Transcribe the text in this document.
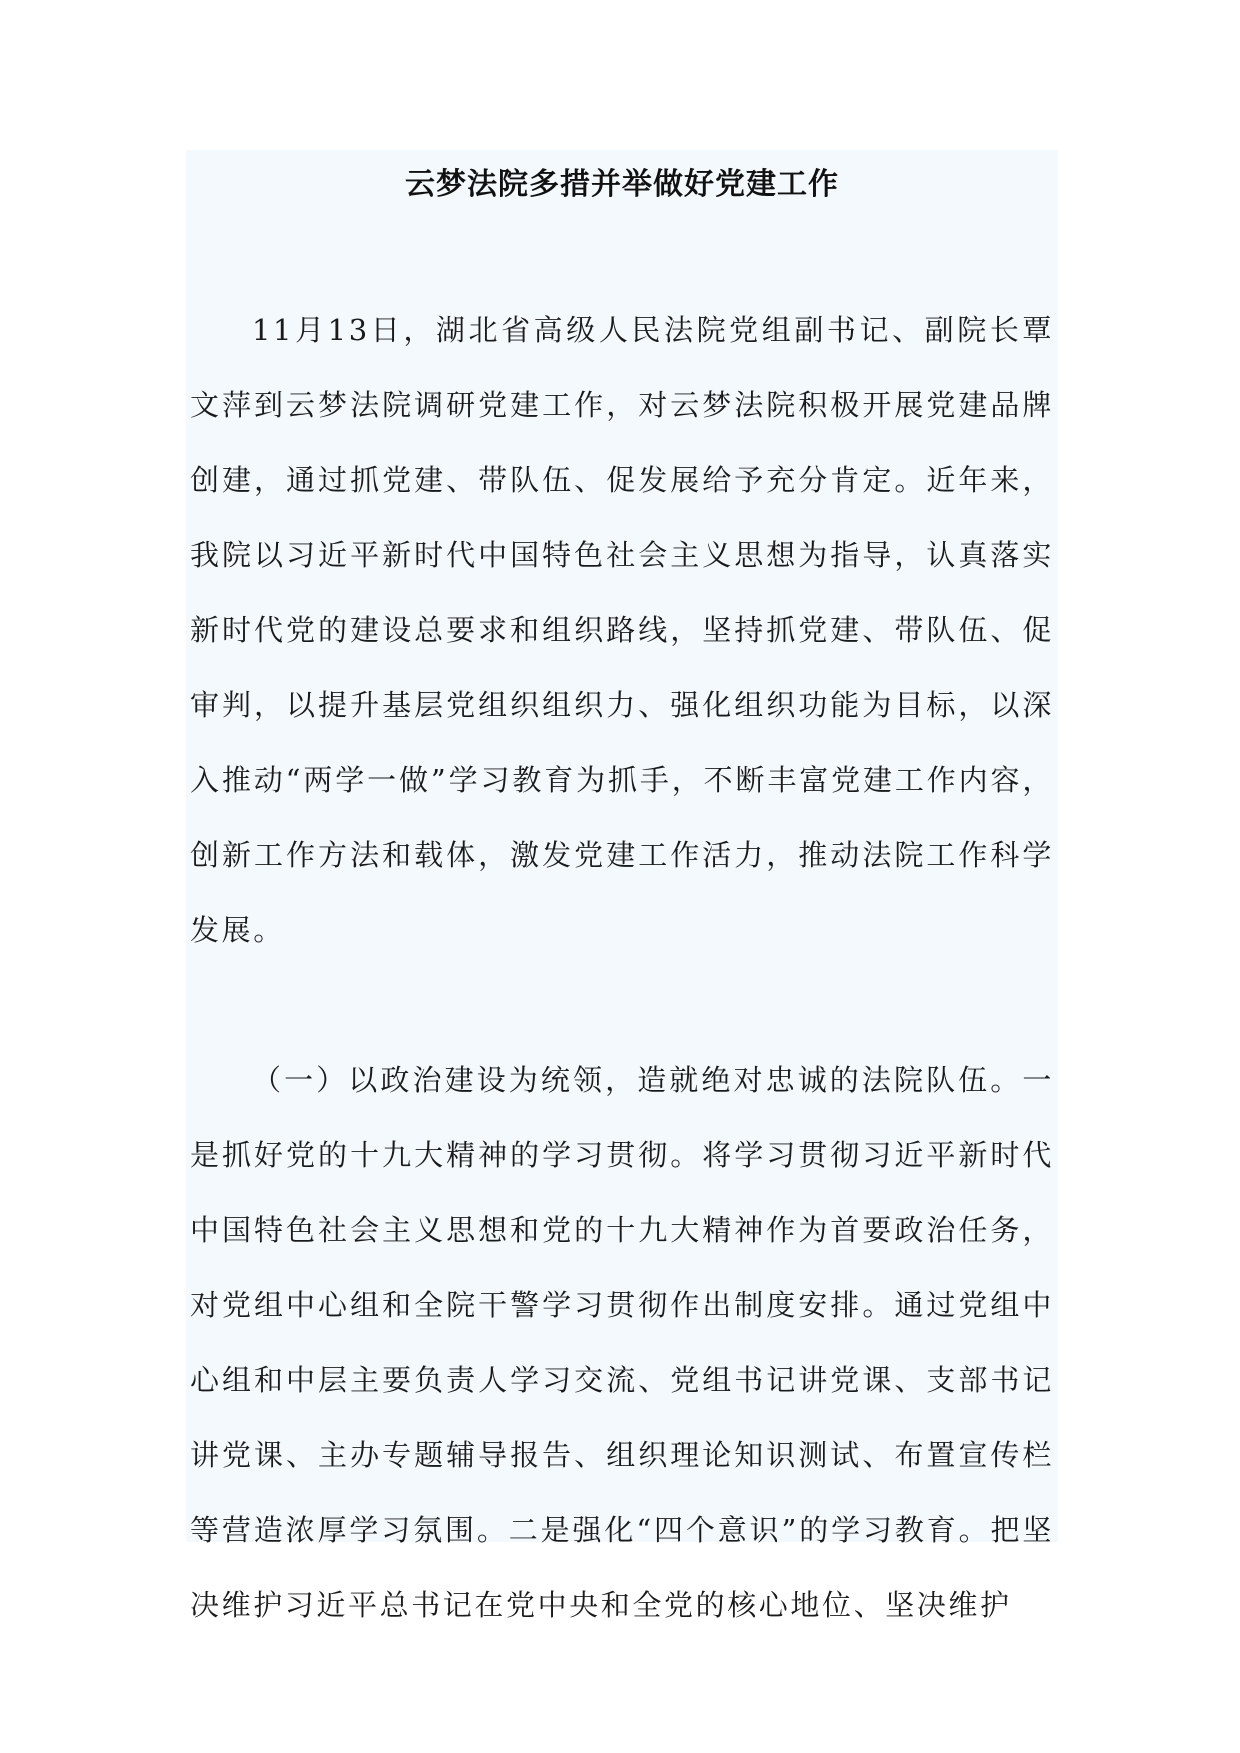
云梦法院多措并举做好党建工作

11月13日，湖北省高级人民法院党组副书记、副院长覃文萍到云梦法院调研党建工作，对云梦法院积极开展党建品牌创建，通过抓党建、带队伍、促发展给予充分肯定。近年来，我院以习近平新时代中国特色社会主义思想为指导，认真落实新时代党的建设总要求和组织路线，坚持抓党建、带队伍、促审判，以提升基层党组织组织力、强化组织功能为目标，以深入推动“两学一做”学习教育为抓手，不断丰富党建工作内容，创新工作方法和载体，激发党建工作活力，推动法院工作科学发展。

（一）以政治建设为统领，造就绝对忠诚的法院队伍。一是抓好党的十九大精神的学习贯彻。将学习贯彻习近平新时代中国特色社会主义思想和党的十九大精神作为首要政治任务，对党组中心组和全院干警学习贯彻作出制度安排。通过党组中心组和中层主要负责人学习交流、党组书记讲党课、支部书记讲党课、主办专题辅导报告、组织理论知识测试、布置宣传栏等营造浓厚学习氛围。二是强化“四个意识”的学习教育。把坚决维护习近平总书记在党中央和全党的核心地位、坚决维护
